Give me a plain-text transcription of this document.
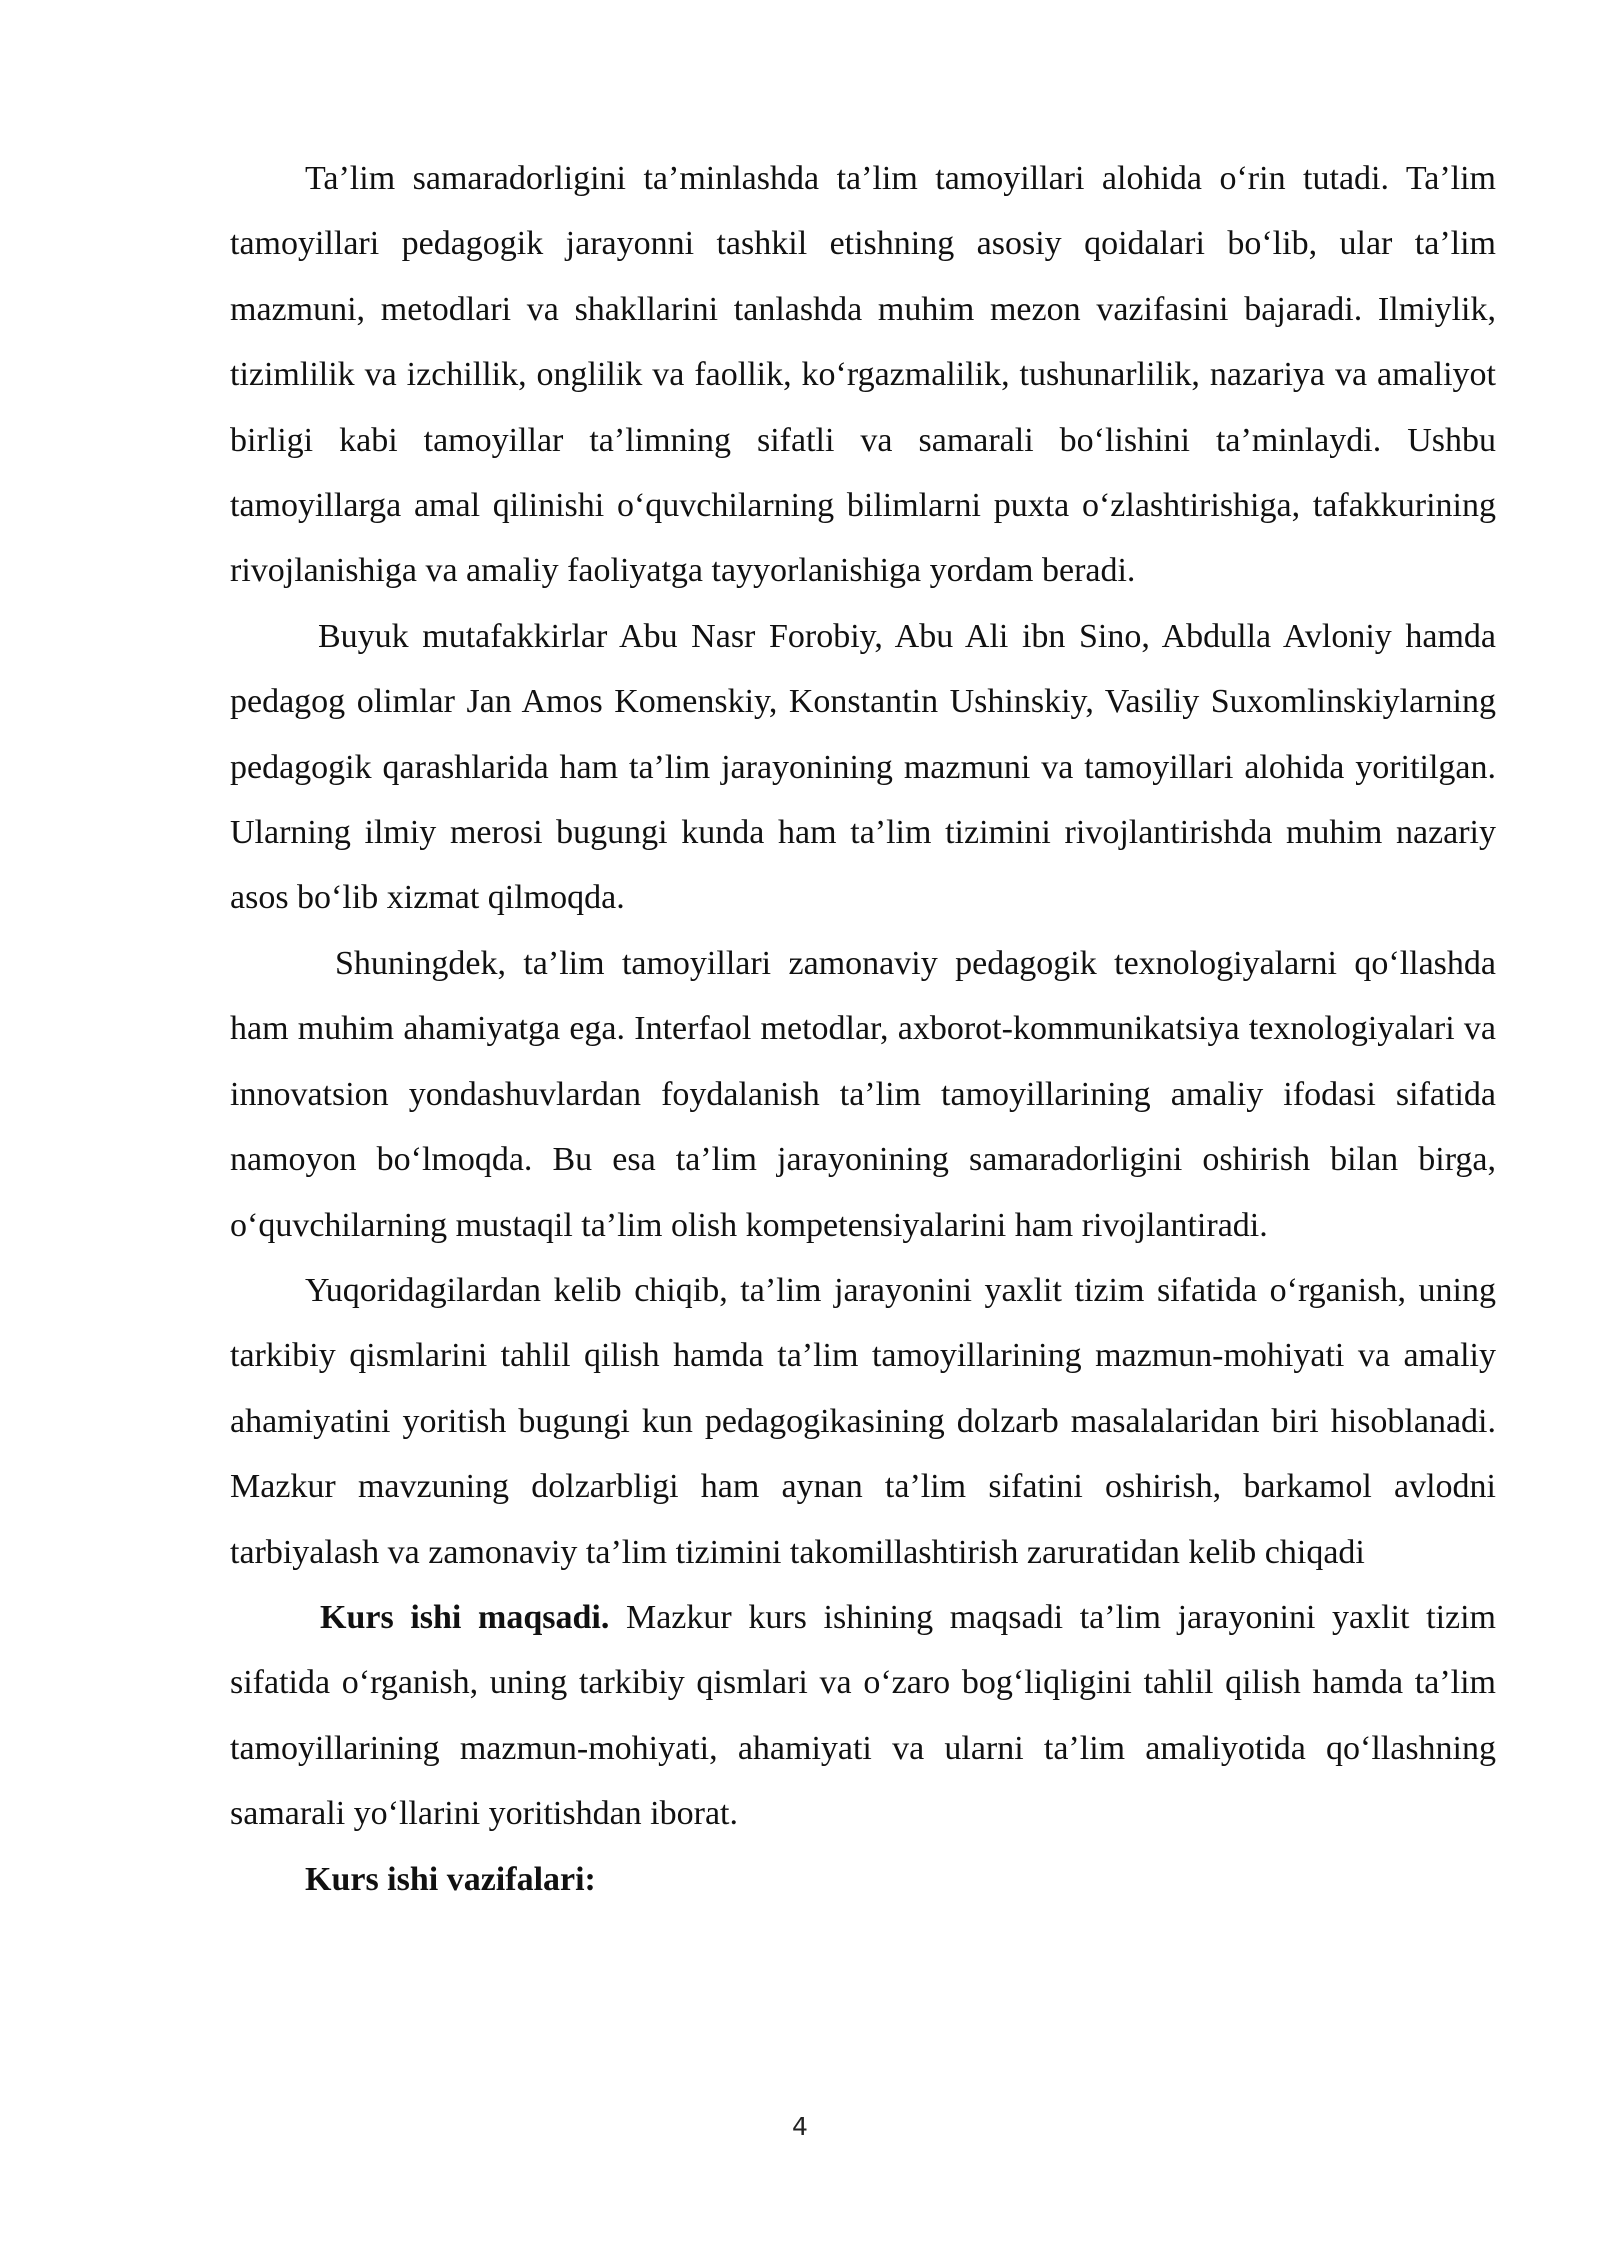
Ta’lim samaradorligini ta’minlashda ta’lim tamoyillari alohida o‘rin tutadi. Ta’lim tamoyillari pedagogik jarayonni tashkil etishning asosiy qoidalari bo‘lib, ular ta’lim mazmuni, metodlari va shakllarini tanlashda muhim mezon vazifasini bajaradi. Ilmiylik, tizimlilik va izchillik, onglilik va faollik, ko‘rgazmalilik, tushunarlilik, nazariya va amaliyot birligi kabi tamoyillar ta’limning sifatli va samarali bo‘lishini ta’minlaydi. Ushbu tamoyillarga amal qilinishi o‘quvchilarning bilimlarni puxta o‘zlashtirishiga, tafakkurining rivojlanishiga va amaliy faoliyatga tayyorlanishiga yordam beradi.

Buyuk mutafakkirlar Abu Nasr Forobiy, Abu Ali ibn Sino, Abdulla Avloniy hamda pedagog olimlar Jan Amos Komenskiy, Konstantin Ushinskiy, Vasiliy Suxomlinskiylarning pedagogik qarashlarida ham ta’lim jarayonining mazmuni va tamoyillari alohida yoritilgan. Ularning ilmiy merosi bugungi kunda ham ta’lim tizimini rivojlantirishda muhim nazariy asos bo‘lib xizmat qilmoqda.

Shuningdek, ta’lim tamoyillari zamonaviy pedagogik texnologiyalarni qo‘llashda ham muhim ahamiyatga ega. Interfaol metodlar, axborot-kommunikatsiya texnologiyalari va innovatsion yondashuvlardan foydalanish ta’lim tamoyillarining amaliy ifodasi sifatida namoyon bo‘lmoqda. Bu esa ta’lim jarayonining samaradorligini oshirish bilan birga, o‘quvchilarning mustaqil ta’lim olish kompetensiyalarini ham rivojlantiradi.

Yuqoridagilardan kelib chiqib, ta’lim jarayonini yaxlit tizim sifatida o‘rganish, uning tarkibiy qismlarini tahlil qilish hamda ta’lim tamoyillarining mazmun-mohiyati va amaliy ahamiyatini yoritish bugungi kun pedagogikasining dolzarb masalalaridan biri hisoblanadi. Mazkur mavzuning dolzarbligi ham aynan ta’lim sifatini oshirish, barkamol avlodni tarbiyalash va zamonaviy ta’lim tizimini takomillashtirish zaruratidan kelib chiqadi

Kurs ishi maqsadi. Mazkur kurs ishining maqsadi ta’lim jarayonini yaxlit tizim sifatida o‘rganish, uning tarkibiy qismlari va o‘zaro bog‘liqligini tahlil qilish hamda ta’lim tamoyillarining mazmun-mohiyati, ahamiyati va ularni ta’lim amaliyotida qo‘llashning samarali yo‘llarini yoritishdan iborat.

Kurs ishi vazifalari:

4
